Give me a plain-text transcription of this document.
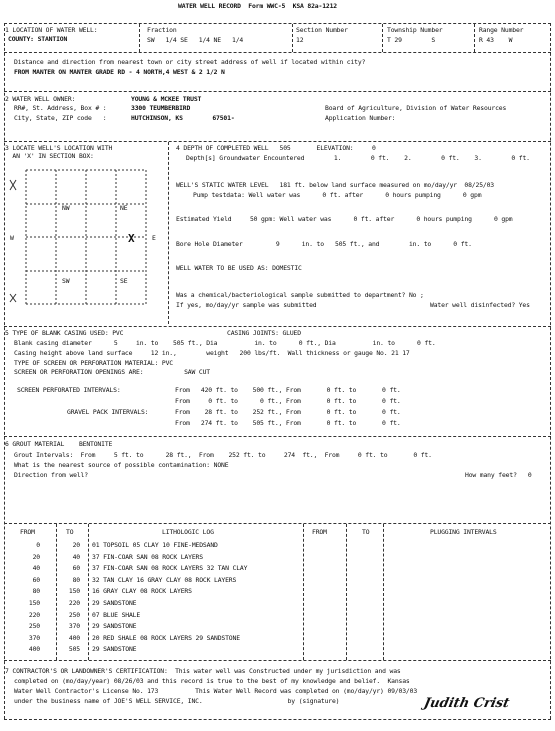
WATER WELL RECORD  Form WWC-5  KSA 82a-1212
1 LOCATION OF WATER WELL:
COUNTY: STANTION
Fraction
SW   1/4 SE   1/4 NE   1/4
Section Number
12
Township Number
T 29        S
Range Number
R 43    W
Distance and direction from nearest town or city street address of well if located within city?
FROM MANTER ON MANTER GRADE RD - 4 NORTH,4 WEST & 2 1/2 N
2 WATER WELL OWNER:	YOUNG & MCKEE TRUST
RR#, St. Address, Box # :	3300 TEUMBERBIRD
City, State, ZIP code   :	HUTCHINSON, KS        67501-
Board of Agriculture, Division of Water Resources
Application Number:
3 LOCATE WELL'S LOCATION WITH
AN 'X' IN SECTION BOX:
NW	NE
SW	SE
W	E
X
4 DEPTH OF COMPLETED WELL   505       ELEVATION:     0
Depth[s] Groundwater Encountered        1.        0 ft.    2.        0 ft.    3.        0 ft.
WELL'S STATIC WATER LEVEL   181 ft. below land surface measured on mo/day/yr  08/25/03
Pump testdata: Well water was      0 ft. after      0 hours pumping      0 gpm
Estimated Yield     50 gpm: Well water was      0 ft. after      0 hours pumping      0 gpm
Bore Hole Diameter         9      in. to   505 ft., and        in. to      0 ft.
WELL WATER TO BE USED AS: DOMESTIC
Was a chemical/bacteriological sample submitted to department? No ;
If yes, mo/day/yr sample was submitted	Water well disinfected? Yes
5 TYPE OF BLANK CASING USED: PVC	CASING JOINTS: GLUED
Blank casing diameter      5     in. to    505 ft., Dia          in. to      0 ft., Dia          in. to      0 ft.
Casing height above land surface     12 in.,        weight   200 lbs/ft.  Wall thickness or gauge No. 21 17
TYPE OF SCREEN OR PERFORATION MATERIAL: PVC
SCREEN OR PERFORATION OPENINGS ARE:           SAW CUT
SCREEN PERFORATED INTERVALS:	From   420 ft. to    500 ft., From       0 ft. to       0 ft.
From     0 ft. to      0 ft., From       0 ft. to       0 ft.
GRAVEL PACK INTERVALS:	From    28 ft. to    252 ft., From       0 ft. to       0 ft.
From   274 ft. to    505 ft., From       0 ft. to       0 ft.
6 GROUT MATERIAL    BENTONITE
Grout Intervals:  From     5 ft. to      28 ft.,  From    252 ft. to     274  ft.,  From     0 ft. to       0 ft.
What is the nearest source of possible contamination: NONE
Direction from well?	How many feet?   0
FROM	TO	LITHOLOGIC LOG	FROM	TO	PLUGGING INTERVALS
0	20 01 TOPSOIL 05 CLAY 10 FINE-MEDSAND
20	40 37 FIN-COAR SAN 08 ROCK LAYERS
40	60 37 FIN-COAR SAN 08 ROCK LAYERS 32 TAN CLAY
60	80 32 TAN CLAY 16 GRAY CLAY 08 ROCK LAYERS
80	150 16 GRAY CLAY 08 ROCK LAYERS
150	220 29 SANDSTONE
220	250 07 BLUE SHALE
250	370 29 SANDSTONE
370	400 20 RED SHALE 08 ROCK LAYERS 29 SANDSTONE
400	505 29 SANDSTONE
7 CONTRACTOR'S OR LANDOWNER'S CERTIFICATION:  This water well was Constructed under my jurisdiction and was
completed on (mo/day/year) 08/26/03 and this record is true to the best of my knowledge and belief.  Kansas
Water Well Contractor's License No. 173          This Water Well Record was completed on (mo/day/yr) 09/03/03
under the business name of JOE'S WELL SERVICE, INC.                       by (signature)	Judith Crist
